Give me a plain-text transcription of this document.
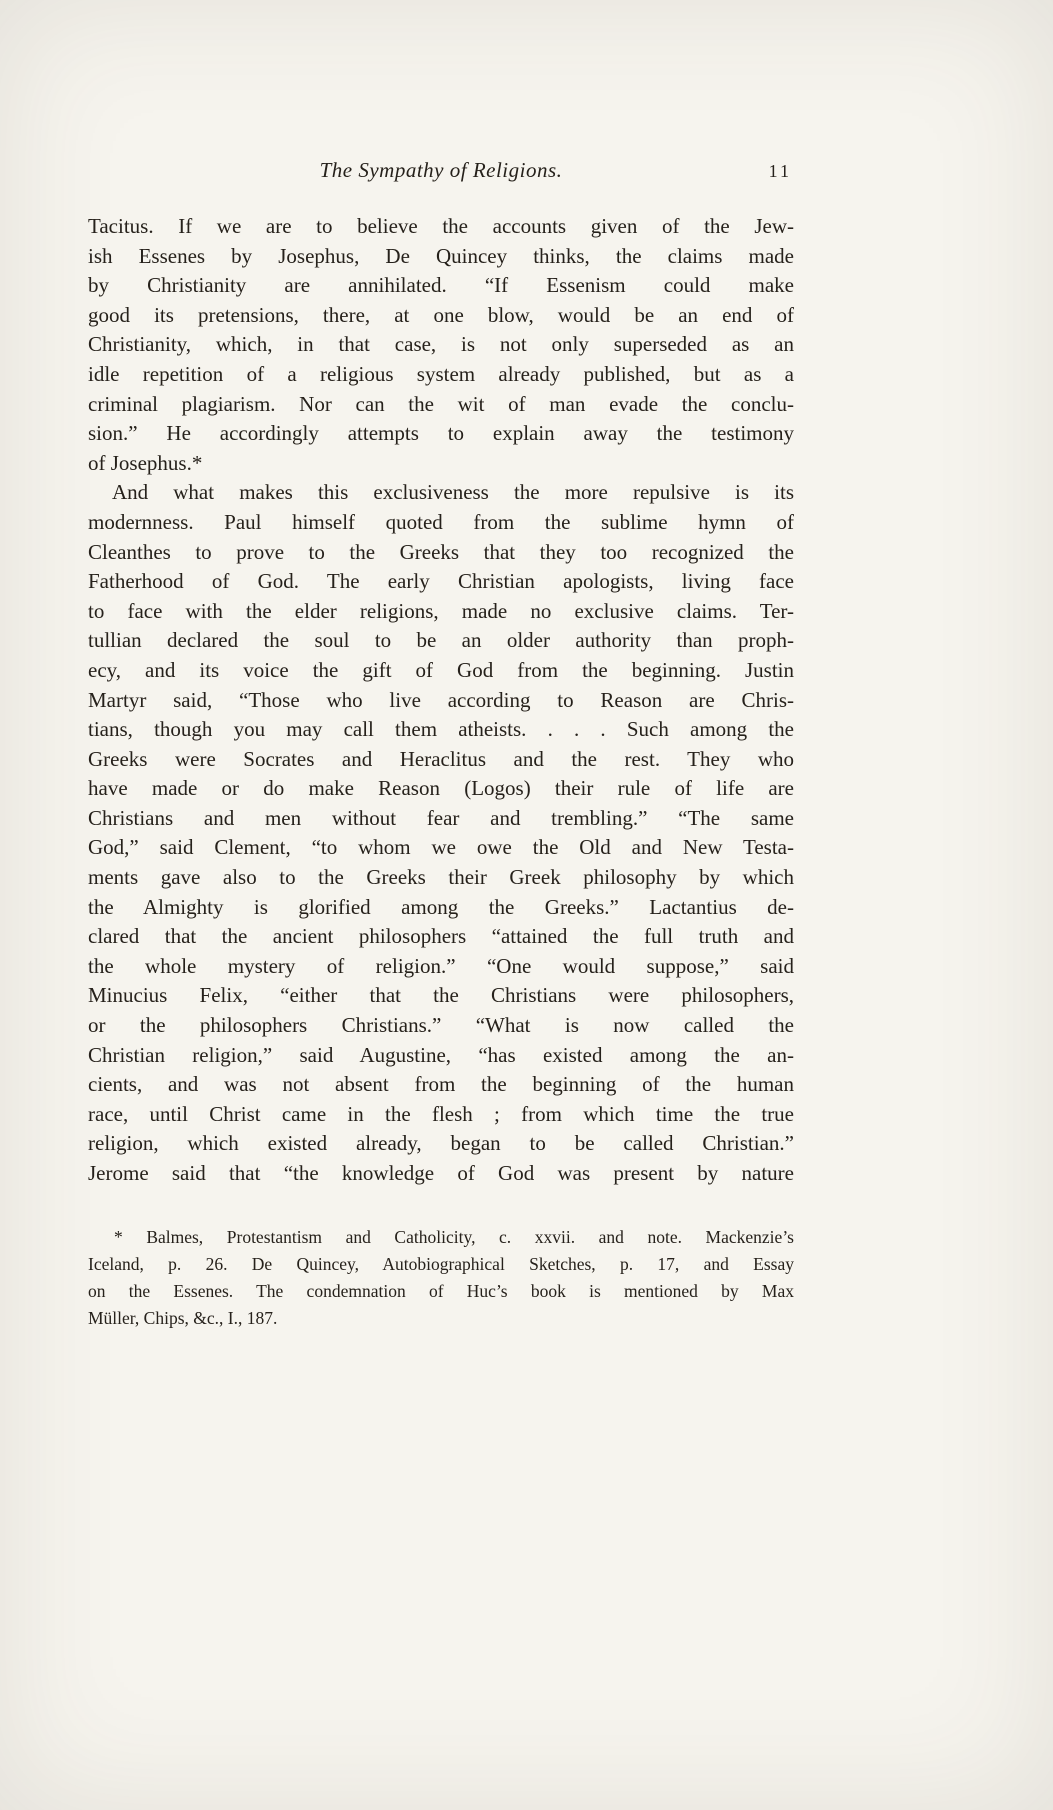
The Sympathy of Religions.	11
Tacitus. If we are to believe the accounts given of the Jew-
ish Essenes by Josephus, De Quincey thinks, the claims made
by Christianity are annihilated. “If Essenism could make
good its pretensions, there, at one blow, would be an end of
Christianity, which, in that case, is not only superseded as an
idle repetition of a religious system already published, but as a
criminal plagiarism. Nor can the wit of man evade the conclu-
sion.” He accordingly attempts to explain away the testimony
of Josephus.*
And what makes this exclusiveness the more repulsive is its
modernness. Paul himself quoted from the sublime hymn of
Cleanthes to prove to the Greeks that they too recognized the
Fatherhood of God. The early Christian apologists, living face
to face with the elder religions, made no exclusive claims. Ter-
tullian declared the soul to be an older authority than proph-
ecy, and its voice the gift of God from the beginning. Justin
Martyr said, “Those who live according to Reason are Chris-
tians, though you may call them atheists. . . . Such among the
Greeks were Socrates and Heraclitus and the rest. They who
have made or do make Reason (Logos) their rule of life are
Christians and men without fear and trembling.” “The same
God,” said Clement, “to whom we owe the Old and New Testa-
ments gave also to the Greeks their Greek philosophy by which
the Almighty is glorified among the Greeks.” Lactantius de-
clared that the ancient philosophers “attained the full truth and
the whole mystery of religion.” “One would suppose,” said
Minucius Felix, “either that the Christians were philosophers,
or the philosophers Christians.” “What is now called the
Christian religion,” said Augustine, “has existed among the an-
cients, and was not absent from the beginning of the human
race, until Christ came in the flesh ; from which time the true
religion, which existed already, began to be called Christian.”
Jerome said that “the knowledge of God was present by nature
* Balmes, Protestantism and Catholicity, c. xxvii. and note. Mackenzie’s
Iceland, p. 26. De Quincey, Autobiographical Sketches, p. 17, and Essay
on the Essenes. The condemnation of Huc’s book is mentioned by Max
Müller, Chips, &c., I., 187.
